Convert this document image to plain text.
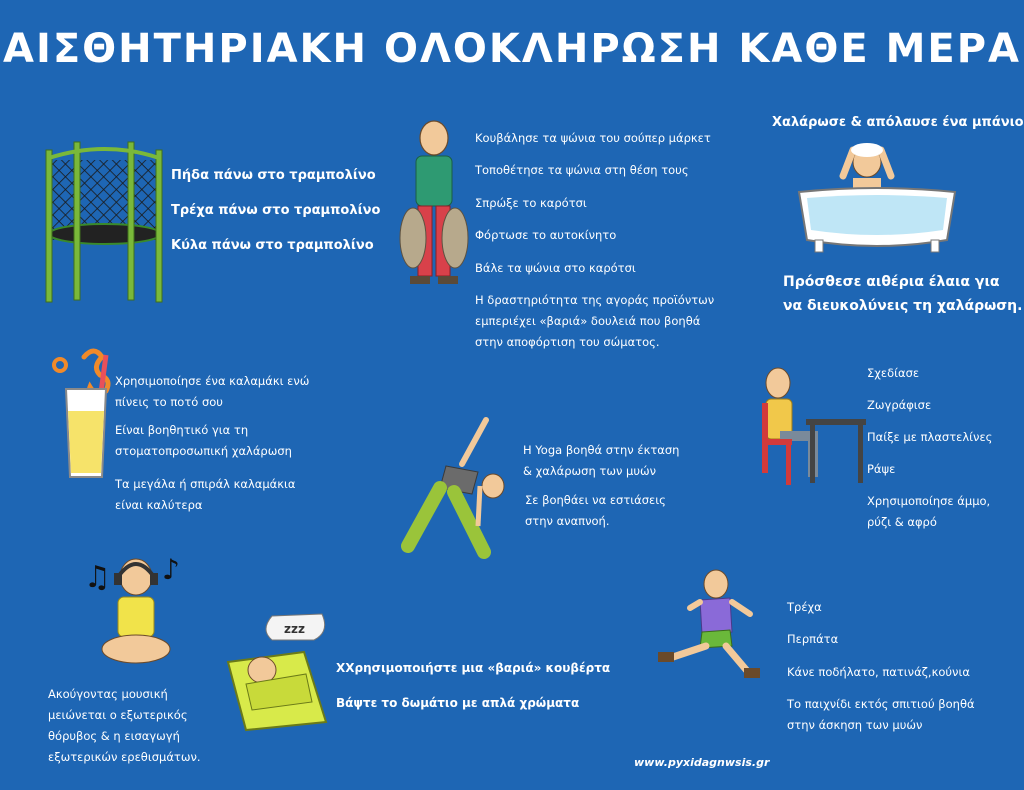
ΑΙΣΘΗΤΗΡΙΑΚΗ ΟΛΟΚΛΗΡΩΣΗ ΚΑΘΕ ΜΕΡΑ
Πήδα πάνω στο τραμπολίνο
Τρέχα πάνω στο τραμπολίνο
Κύλα πάνω στο τραμπολίνο
Κουβάλησε τα ψώνια του σούπερ μάρκετ
Τοποθέτησε τα ψώνια στη θέση τους
Σπρώξε το καρότσι
Φόρτωσε το αυτοκίνητο
Βάλε τα ψώνια στο καρότσι
Η δραστηριότητα της αγοράς προϊόντων
εμπεριέχει «βαριά» δουλειά που βοηθά
στην αποφόρτιση του σώματος.
Χαλάρωσε & απόλαυσε ένα μπάνιο
Πρόσθεσε αιθέρια έλαια για
να διευκολύνεις τη χαλάρωση.
Χρησιμοποίησε ένα καλαμάκι ενώ
πίνεις το ποτό σου
Είναι βοηθητικό για τη
στοματοπροσωπική χαλάρωση
Τα μεγάλα ή σπιράλ καλαμάκια
είναι καλύτερα
Σχεδίασε
Ζωγράφισε
Παίξε με πλαστελίνες
Ράψε
Χρησιμοποίησε άμμο,
ρύζι & αφρό
Η Yoga βοηθά στην έκταση
& χαλάρωση των μυών
Σε βοηθάει να εστιάσεις
στην αναπνοή.
♫ ♪
Ακούγοντας μουσική
μειώνεται ο εξωτερικός
θόρυβος & η εισαγωγή
εξωτερικών ερεθισμάτων.
zzz
ΧΧρησιμοποιήστε μια «βαριά» κουβέρτα
Βάψτε το δωμάτιο με απλά χρώματα
Τρέχα
Περπάτα
Κάνε ποδήλατο, πατινάζ,κούνια
Το παιχνίδι εκτός σπιτιού βοηθά
στην άσκηση των μυών
www.pyxidagnwsis.gr
